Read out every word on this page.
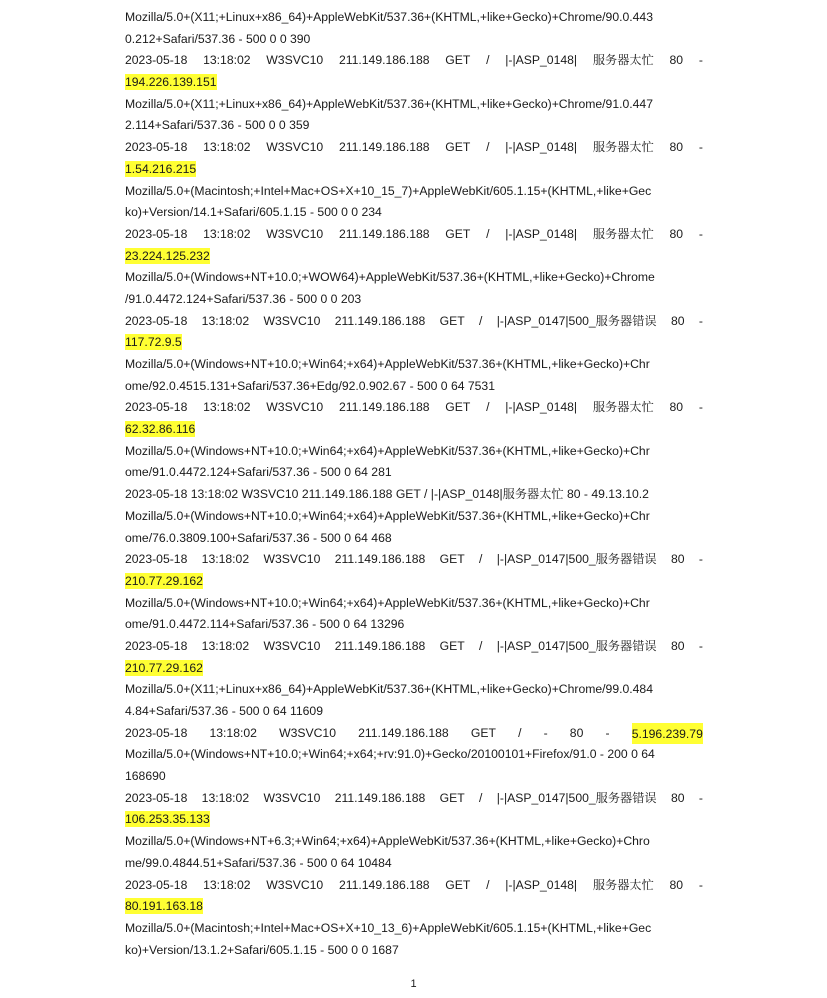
Mozilla/5.0+(X11;+Linux+x86_64)+AppleWebKit/537.36+(KHTML,+like+Gecko)+Chrome/90.0.443
0.212+Safari/537.36 - 500 0 0 390
2023-05-18 13:18:02 W3SVC10 211.149.186.188 GET / |-|ASP_0148| 服务器太忙 80 -
194.226.139.151
Mozilla/5.0+(X11;+Linux+x86_64)+AppleWebKit/537.36+(KHTML,+like+Gecko)+Chrome/91.0.447
2.114+Safari/537.36 - 500 0 0 359
2023-05-18 13:18:02 W3SVC10 211.149.186.188 GET / |-|ASP_0148| 服务器太忙 80 -
1.54.216.215
Mozilla/5.0+(Macintosh;+Intel+Mac+OS+X+10_15_7)+AppleWebKit/605.1.15+(KHTML,+like+Gec
ko)+Version/14.1+Safari/605.1.15 - 500 0 0 234
2023-05-18 13:18:02 W3SVC10 211.149.186.188 GET / |-|ASP_0148| 服务器太忙 80 -
23.224.125.232
Mozilla/5.0+(Windows+NT+10.0;+WOW64)+AppleWebKit/537.36+(KHTML,+like+Gecko)+Chrome
/91.0.4472.124+Safari/537.36 - 500 0 0 203
2023-05-18 13:18:02 W3SVC10 211.149.186.188 GET / |-|ASP_0147|500_服务器错误 80 -
117.72.9.5
Mozilla/5.0+(Windows+NT+10.0;+Win64;+x64)+AppleWebKit/537.36+(KHTML,+like+Gecko)+Chr
ome/92.0.4515.131+Safari/537.36+Edg/92.0.902.67 - 500 0 64 7531
2023-05-18 13:18:02 W3SVC10 211.149.186.188 GET / |-|ASP_0148| 服务器太忙 80 -
62.32.86.116
Mozilla/5.0+(Windows+NT+10.0;+Win64;+x64)+AppleWebKit/537.36+(KHTML,+like+Gecko)+Chr
ome/91.0.4472.124+Safari/537.36 - 500 0 64 281
2023-05-18 13:18:02 W3SVC10 211.149.186.188 GET / |-|ASP_0148|服务器太忙 80 - 49.13.10.2
Mozilla/5.0+(Windows+NT+10.0;+Win64;+x64)+AppleWebKit/537.36+(KHTML,+like+Gecko)+Chr
ome/76.0.3809.100+Safari/537.36 - 500 0 64 468
2023-05-18 13:18:02 W3SVC10 211.149.186.188 GET / |-|ASP_0147|500_服务器错误 80 -
210.77.29.162
Mozilla/5.0+(Windows+NT+10.0;+Win64;+x64)+AppleWebKit/537.36+(KHTML,+like+Gecko)+Chr
ome/91.0.4472.114+Safari/537.36 - 500 0 64 13296
2023-05-18 13:18:02 W3SVC10 211.149.186.188 GET / |-|ASP_0147|500_服务器错误 80 -
210.77.29.162
Mozilla/5.0+(X11;+Linux+x86_64)+AppleWebKit/537.36+(KHTML,+like+Gecko)+Chrome/99.0.484
4.84+Safari/537.36 - 500 0 64 11609
2023-05-18 13:18:02 W3SVC10 211.149.186.188 GET / - 80 - 5.196.239.79
Mozilla/5.0+(Windows+NT+10.0;+Win64;+x64;+rv:91.0)+Gecko/20100101+Firefox/91.0 - 200 0 64
168690
2023-05-18 13:18:02 W3SVC10 211.149.186.188 GET / |-|ASP_0147|500_服务器错误 80 -
106.253.35.133
Mozilla/5.0+(Windows+NT+6.3;+Win64;+x64)+AppleWebKit/537.36+(KHTML,+like+Gecko)+Chro
me/99.0.4844.51+Safari/537.36 - 500 0 64 10484
2023-05-18 13:18:02 W3SVC10 211.149.186.188 GET / |-|ASP_0148| 服务器太忙 80 -
80.191.163.18
Mozilla/5.0+(Macintosh;+Intel+Mac+OS+X+10_13_6)+AppleWebKit/605.1.15+(KHTML,+like+Gec
ko)+Version/13.1.2+Safari/605.1.15 - 500 0 0 1687
1
